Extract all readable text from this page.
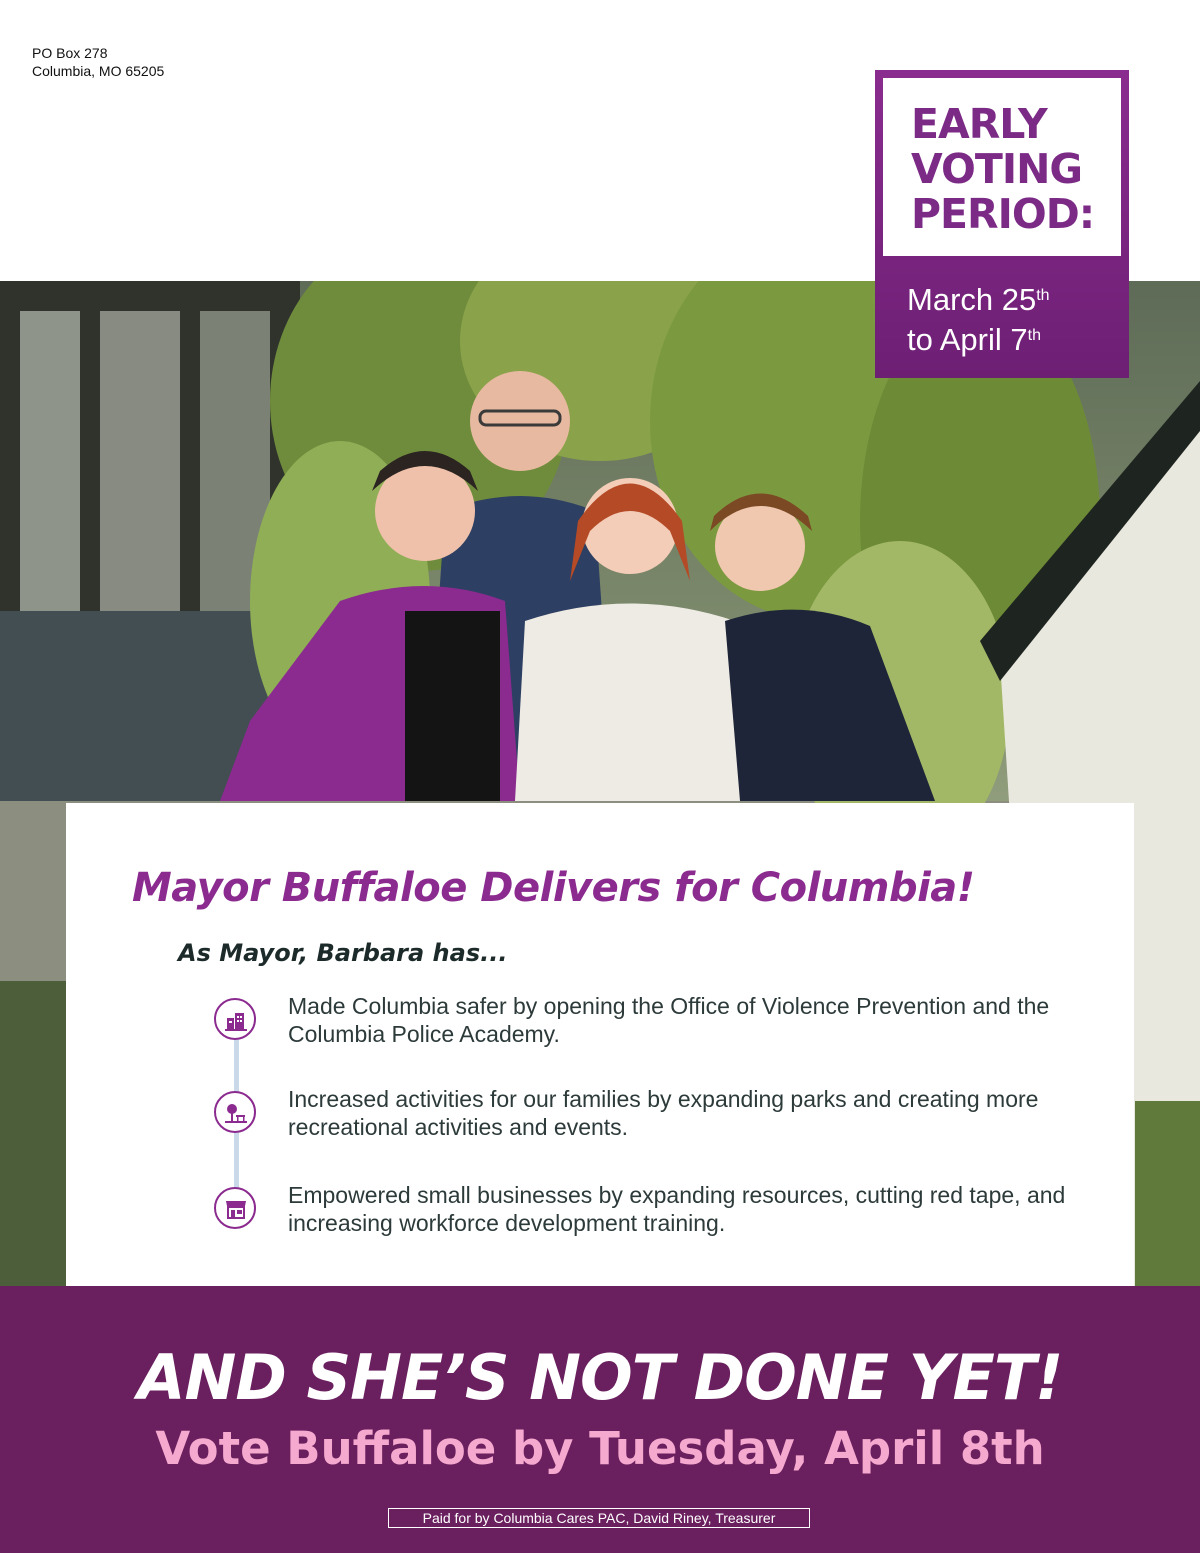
PO Box 278
Columbia, MO 65205
EARLY
VOTING
PERIOD:
March 25th
to April 7th
Mayor Buffaloe Delivers for Columbia!
As Mayor, Barbara has...
Made Columbia safer by opening the Office of Violence Prevention and the Columbia Police Academy.
Increased activities for our families by expanding parks and creating more recreational activities and events.
Empowered small businesses by expanding resources, cutting red tape, and increasing workforce development training.
AND SHE’S NOT DONE YET!
Vote Buffaloe by Tuesday, April 8th
Paid for by Columbia Cares PAC, David Riney, Treasurer
